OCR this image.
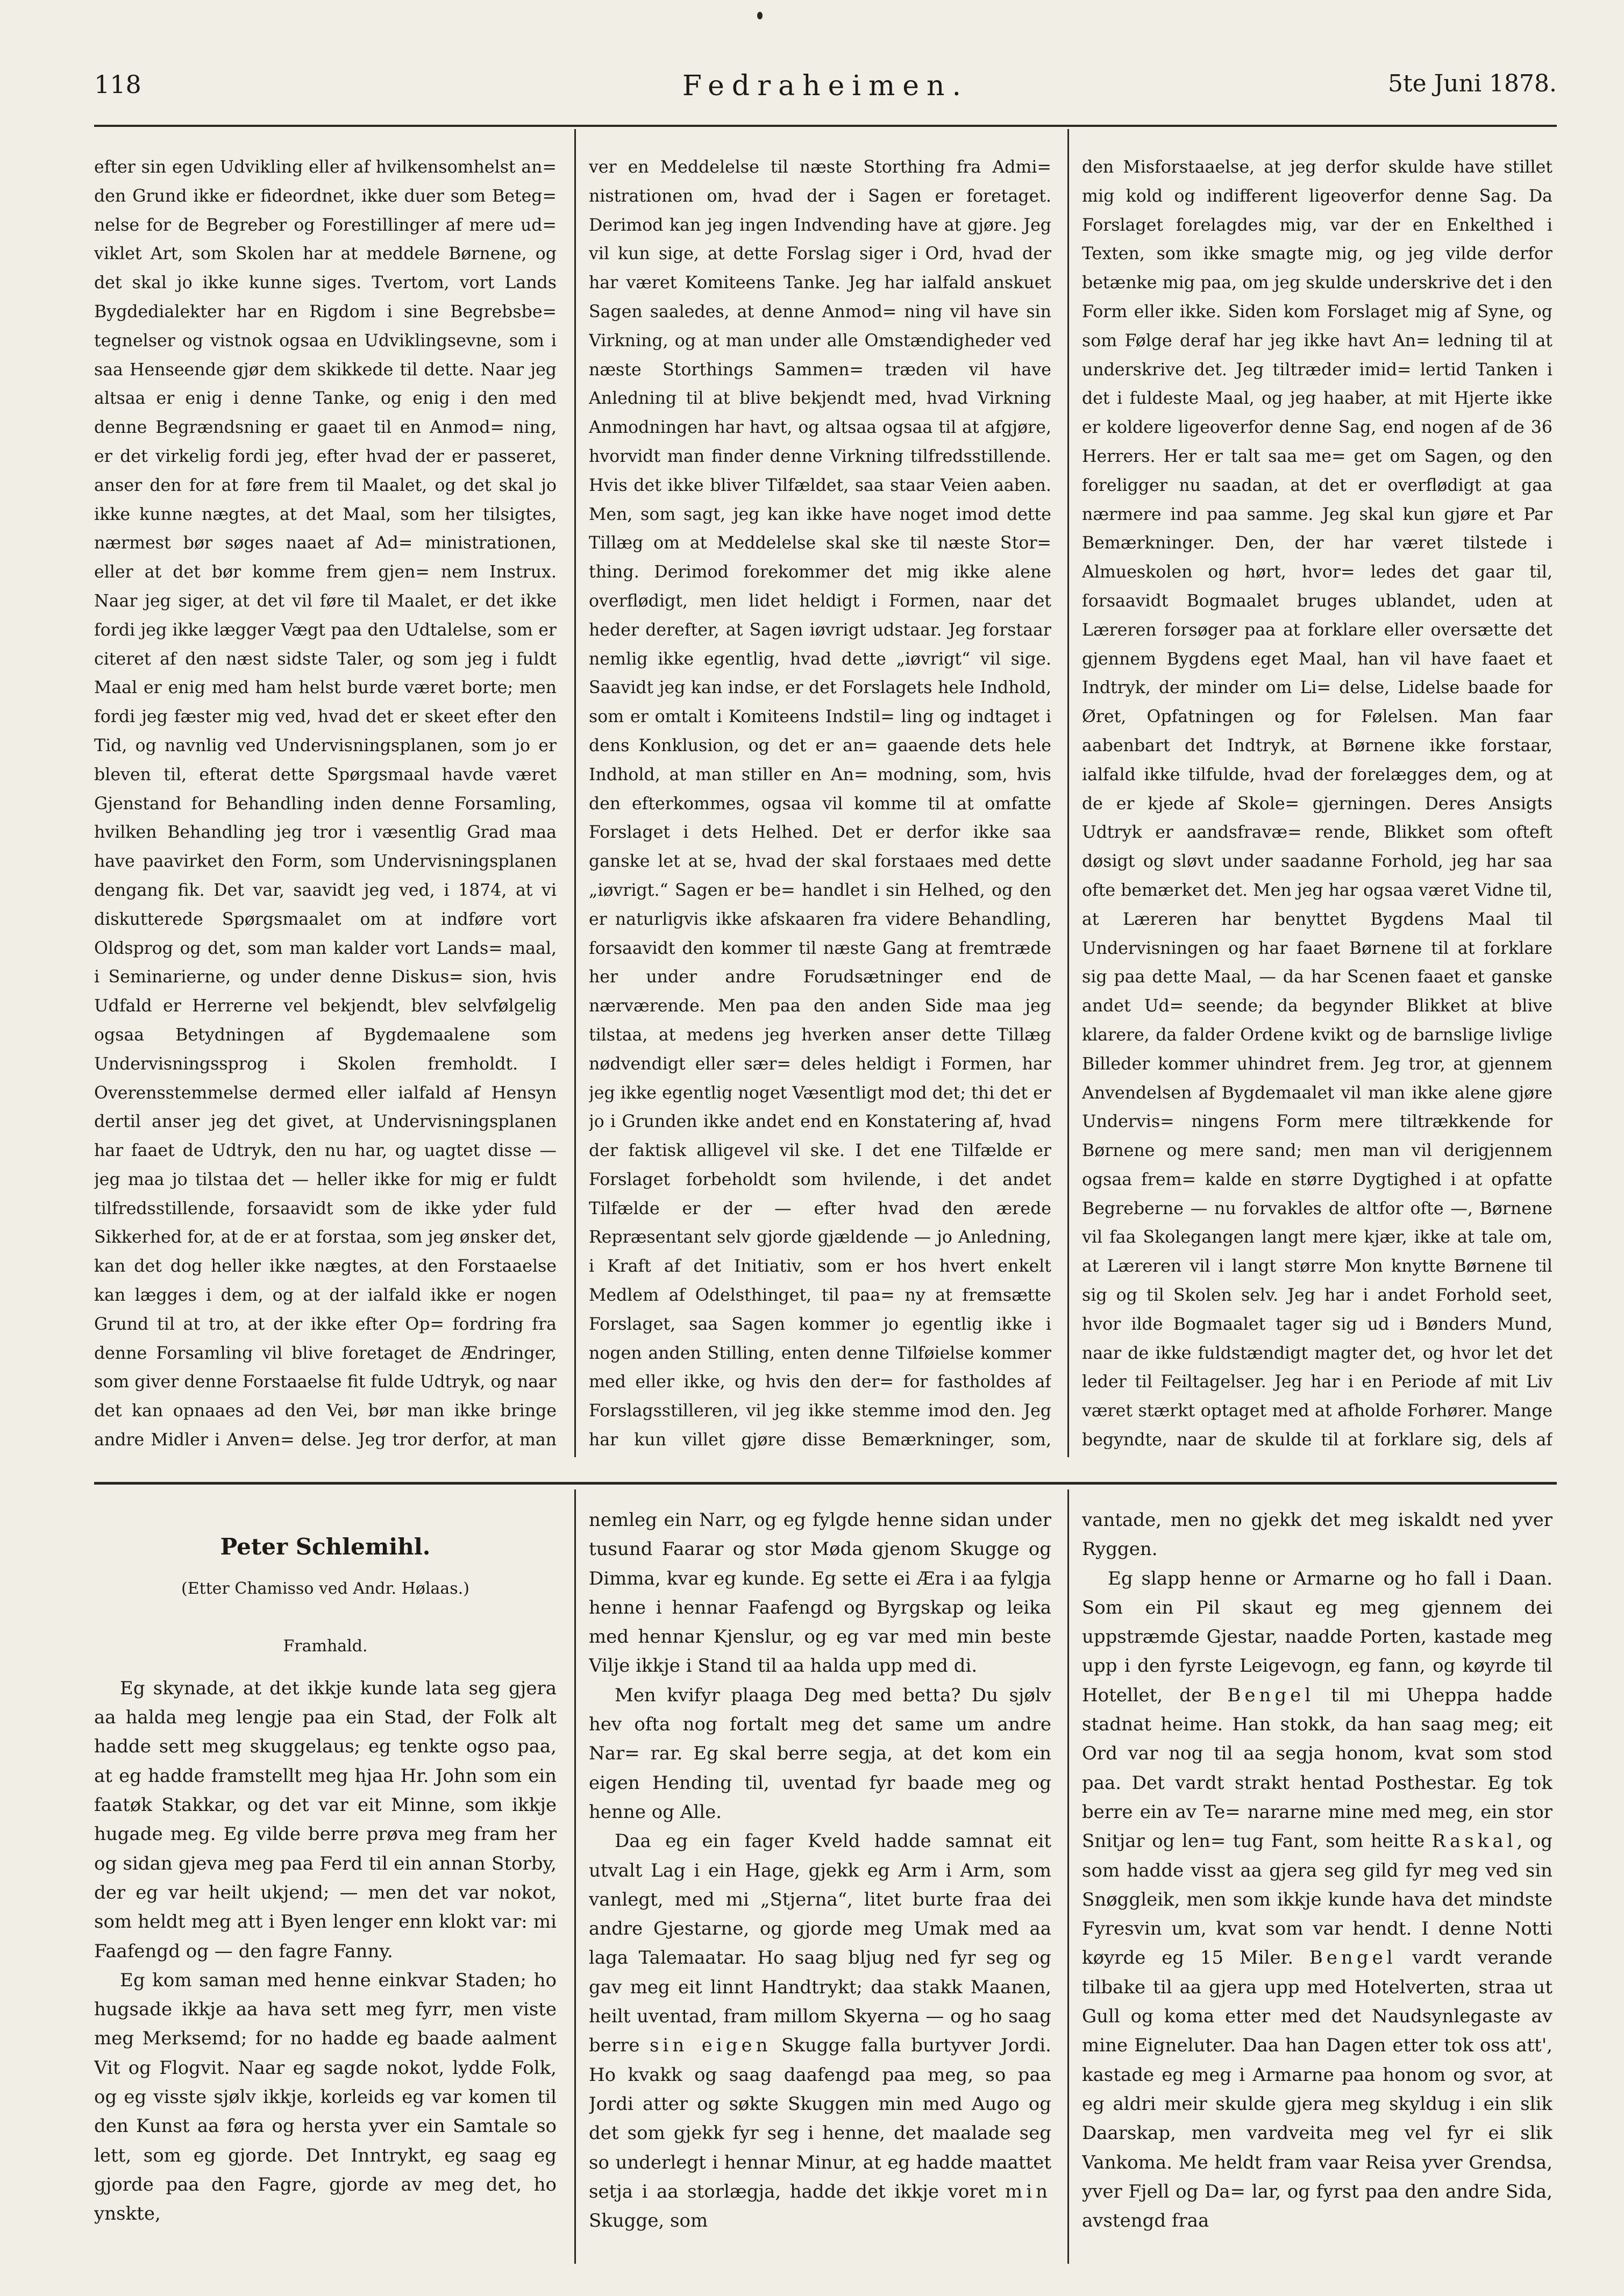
118	Fedraheimen.	5te Juni 1878.

efter sin egen Udvikling eller af hvilkensomhelst an= den Grund ikke er fideordnet, ikke duer som Beteg= nelse for de Begreber og Forestillinger af mere ud= viklet Art, som Skolen har at meddele Børnene, og det skal jo ikke kunne siges. Tvertom, vort Lands Bygdedialekter har en Rigdom i sine Begrebsbe= tegnelser og vistnok ogsaa en Udviklingsevne, som i saa Henseende gjør dem skikkede til dette. Naar jeg altsaa er enig i denne Tanke, og enig i den med denne Begrændsning er gaaet til en Anmod= ning, er det virkelig fordi jeg, efter hvad der er passeret, anser den for at føre frem til Maalet, og det skal jo ikke kunne nægtes, at det Maal, som her tilsigtes, nærmest bør søges naaet af Ad= ministrationen, eller at det bør komme frem gjen= nem Instrux. Naar jeg siger, at det vil føre til Maalet, er det ikke fordi jeg ikke lægger Vægt paa den Udtalelse, som er citeret af den næst sidste Taler, og som jeg i fuldt Maal er enig med ham helst burde været borte; men fordi jeg fæster mig ved, hvad det er skeet efter den Tid, og navnlig ved Undervisningsplanen, som jo er bleven til, efterat dette Spørgsmaal havde været Gjenstand for Behandling inden denne Forsamling, hvilken Behandling jeg tror i væsentlig Grad maa have paavirket den Form, som Undervisningsplanen dengang fik. Det var, saavidt jeg ved, i 1874, at vi diskutterede Spørgsmaalet om at indføre vort Oldsprog og det, som man kalder vort Lands= maal, i Seminarierne, og under denne Diskus= sion, hvis Udfald er Herrerne vel bekjendt, blev selvfølgelig ogsaa Betydningen af Bygdemaalene som Undervisningssprog i Skolen fremholdt. I Overensstemmelse dermed eller ialfald af Hensyn dertil anser jeg det givet, at Undervisningsplanen har faaet de Udtryk, den nu har, og uagtet disse — jeg maa jo tilstaa det — heller ikke for mig er fuldt tilfredsstillende, forsaavidt som de ikke yder fuld Sikkerhed for, at de er at forstaa, som jeg ønsker det, kan det dog heller ikke nægtes, at den Forstaaelse kan lægges i dem, og at der ialfald ikke er nogen Grund til at tro, at der ikke efter Op= fordring fra denne Forsamling vil blive foretaget de Ændringer, som giver denne Forstaaelse fit fulde Udtryk, og naar det kan opnaaes ad den Vei, bør man ikke bringe andre Midler i Anven= delse. Jeg tror derfor, at man

ver en Meddelelse til næste Storthing fra Admi= nistrationen om, hvad der i Sagen er foretaget. Derimod kan jeg ingen Indvending have at gjøre. Jeg vil kun sige, at dette Forslag siger i Ord, hvad der har været Komiteens Tanke. Jeg har ialfald anskuet Sagen saaledes, at denne Anmod= ning vil have sin Virkning, og at man under alle Omstændigheder ved næste Storthings Sammen= træden vil have Anledning til at blive bekjendt med, hvad Virkning Anmodningen har havt, og altsaa ogsaa til at afgjøre, hvorvidt man finder denne Virkning tilfredsstillende. Hvis det ikke bliver Tilfældet, saa staar Veien aaben. Men, som sagt, jeg kan ikke have noget imod dette Tillæg om at Meddelelse skal ske til næste Stor= thing. Derimod forekommer det mig ikke alene overflødigt, men lidet heldigt i Formen, naar det heder derefter, at Sagen iøvrigt udstaar. Jeg forstaar nemlig ikke egentlig, hvad dette „iøvrigt“ vil sige. Saavidt jeg kan indse, er det Forslagets hele Indhold, som er omtalt i Komiteens Indstil= ling og indtaget i dens Konklusion, og det er an= gaaende dets hele Indhold, at man stiller en An= modning, som, hvis den efterkommes, ogsaa vil komme til at omfatte Forslaget i dets Helhed. Det er derfor ikke saa ganske let at se, hvad der skal forstaaes med dette „iøvrigt.“ Sagen er be= handlet i sin Helhed, og den er naturligvis ikke afskaaren fra videre Behandling, forsaavidt den kommer til næste Gang at fremtræde her under andre Forudsætninger end de nærværende. Men paa den anden Side maa jeg tilstaa, at medens jeg hverken anser dette Tillæg nødvendigt eller sær= deles heldigt i Formen, har jeg ikke egentlig noget Væsentligt mod det; thi det er jo i Grunden ikke andet end en Konstatering af, hvad der faktisk alligevel vil ske. I det ene Tilfælde er Forslaget forbeholdt som hvilende, i det andet Tilfælde er der — efter hvad den ærede Repræsentant selv gjorde gjældende — jo Anledning, i Kraft af det Initiativ, som er hos hvert enkelt Medlem af Odelsthinget, til paa= ny at fremsætte Forslaget, saa Sagen kommer jo egentlig ikke i nogen anden Stilling, enten denne Tilføielse kommer med eller ikke, og hvis den der= for fastholdes af Forslagsstilleren, vil jeg ikke stemme imod den. Jeg har kun villet gjøre disse Bemærkninger, som,

den Misforstaaelse, at jeg derfor skulde have stillet mig kold og indifferent ligeoverfor denne Sag. Da Forslaget forelagdes mig, var der en Enkelthed i Texten, som ikke smagte mig, og jeg vilde derfor betænke mig paa, om jeg skulde underskrive det i den Form eller ikke. Siden kom Forslaget mig af Syne, og som Følge deraf har jeg ikke havt An= ledning til at underskrive det. Jeg tiltræder imid= lertid Tanken i det i fuldeste Maal, og jeg haaber, at mit Hjerte ikke er koldere ligeoverfor denne Sag, end nogen af de 36 Herrers. Her er talt saa me= get om Sagen, og den foreligger nu saadan, at det er overflødigt at gaa nærmere ind paa samme. Jeg skal kun gjøre et Par Bemærkninger. Den, der har været tilstede i Almueskolen og hørt, hvor= ledes det gaar til, forsaavidt Bogmaalet bruges ublandet, uden at Læreren forsøger paa at forklare eller oversætte det gjennem Bygdens eget Maal, han vil have faaet et Indtryk, der minder om Li= delse, Lidelse baade for Øret, Opfatningen og for Følelsen. Man faar aabenbart det Indtryk, at Børnene ikke forstaar, ialfald ikke tilfulde, hvad der forelægges dem, og at de er kjede af Skole= gjerningen. Deres Ansigts Udtryk er aandsfravæ= rende, Blikket som ofteft døsigt og sløvt under saadanne Forhold, jeg har saa ofte bemærket det. Men jeg har ogsaa været Vidne til, at Læreren har benyttet Bygdens Maal til Undervisningen og har faaet Børnene til at forklare sig paa dette Maal, — da har Scenen faaet et ganske andet Ud= seende; da begynder Blikket at blive klarere, da falder Ordene kvikt og de barnslige livlige Billeder kommer uhindret frem. Jeg tror, at gjennem Anvendelsen af Bygdemaalet vil man ikke alene gjøre Undervis= ningens Form mere tiltrækkende for Børnene og mere sand; men man vil derigjennem ogsaa frem= kalde en større Dygtighed i at opfatte Begreberne — nu forvakles de altfor ofte —, Børnene vil faa Skolegangen langt mere kjær, ikke at tale om, at Læreren vil i langt større Mon knytte Børnene til sig og til Skolen selv. Jeg har i andet Forhold seet, hvor ilde Bogmaalet tager sig ud i Bønders Mund, naar de ikke fuldstændigt magter det, og hvor let det leder til Feiltagelser. Jeg har i en Periode af mit Liv været stærkt optaget med at afholde Forhører. Mange begyndte, naar de skulde til at forklare sig, dels af

Peter Schlemihl.
(Etter Chamisso ved Andr. Hølaas.)
Framhald.

Eg skynade, at det ikkje kunde lata seg gjera aa halda meg lengje paa ein Stad, der Folk alt hadde sett meg skuggelaus; eg tenkte ogso paa, at eg hadde framstellt meg hjaa Hr. John som ein faatøk Stakkar, og det var eit Minne, som ikkje hugade meg. Eg vilde berre prøva meg fram her og sidan gjeva meg paa Ferd til ein annan Storby, der eg var heilt ukjend; — men det var nokot, som heldt meg att i Byen lenger enn klokt var: mi Faafengd og — den fagre Fanny.

Eg kom saman med henne einkvar Staden; ho hugsade ikkje aa hava sett meg fyrr, men viste meg Merksemd; for no hadde eg baade aalment Vit og Flogvit. Naar eg sagde nokot, lydde Folk, og eg visste sjølv ikkje, korleids eg var komen til den Kunst aa føra og hersta yver ein Samtale so lett, som eg gjorde. Det Inntrykt, eg saag eg gjorde paa den Fagre, gjorde av meg det, ho ynskte,

nemleg ein Narr, og eg fylgde henne sidan under tusund Faarar og stor Møda gjenom Skugge og Dimma, kvar eg kunde. Eg sette ei Æra i aa fylgja henne i hennar Faafengd og Byrgskap og leika med hennar Kjenslur, og eg var med min beste Vilje ikkje i Stand til aa halda upp med di.

Men kvifyr plaaga Deg med betta? Du sjølv hev ofta nog fortalt meg det same um andre Nar= rar. Eg skal berre segja, at det kom ein eigen Hending til, uventad fyr baade meg og henne og Alle.

Daa eg ein fager Kveld hadde samnat eit utvalt Lag i ein Hage, gjekk eg Arm i Arm, som vanlegt, med mi „Stjerna“, litet burte fraa dei andre Gjestarne, og gjorde meg Umak med aa laga Talemaatar. Ho saag bljug ned fyr seg og gav meg eit linnt Handtrykt; daa stakk Maanen, heilt uventad, fram millom Skyerna — og ho saag berre sin eigen Skugge falla burtyver Jordi. Ho kvakk og saag daafengd paa meg, so paa Jordi atter og søkte Skuggen min med Augo og det som gjekk fyr seg i henne, det maalade seg so underlegt i hennar Minur, at eg hadde maattet setja i aa storlægja, hadde det ikkje voret min Skugge, som

vantade, men no gjekk det meg iskaldt ned yver Ryggen.

Eg slapp henne or Armarne og ho fall i Daan. Som ein Pil skaut eg meg gjennem dei uppstræmde Gjestar, naadde Porten, kastade meg upp i den fyrste Leigevogn, eg fann, og køyrde til Hotellet, der Bengel til mi Uheppa hadde stadnat heime. Han stokk, da han saag meg; eit Ord var nog til aa segja honom, kvat som stod paa. Det vardt strakt hentad Posthestar. Eg tok berre ein av Te= nararne mine med meg, ein stor Snitjar og len= tug Fant, som heitte Raskal, og som hadde visst aa gjera seg gild fyr meg ved sin Snøggleik, men som ikkje kunde hava det mindste Fyresvin um, kvat som var hendt. I denne Notti køyrde eg 15 Miler. Bengel vardt verande tilbake til aa gjera upp med Hotelverten, straa ut Gull og koma etter med det Naudsynlegaste av mine Eigneluter. Daa han Dagen etter tok oss att', kastade eg meg i Armarne paa honom og svor, at eg aldri meir skulde gjera meg skyldug i ein slik Daarskap, men vardveita meg vel fyr ei slik Vankoma. Me heldt fram vaar Reisa yver Grendsa, yver Fjell og Da= lar, og fyrst paa den andre Sida, avstengd fraa
